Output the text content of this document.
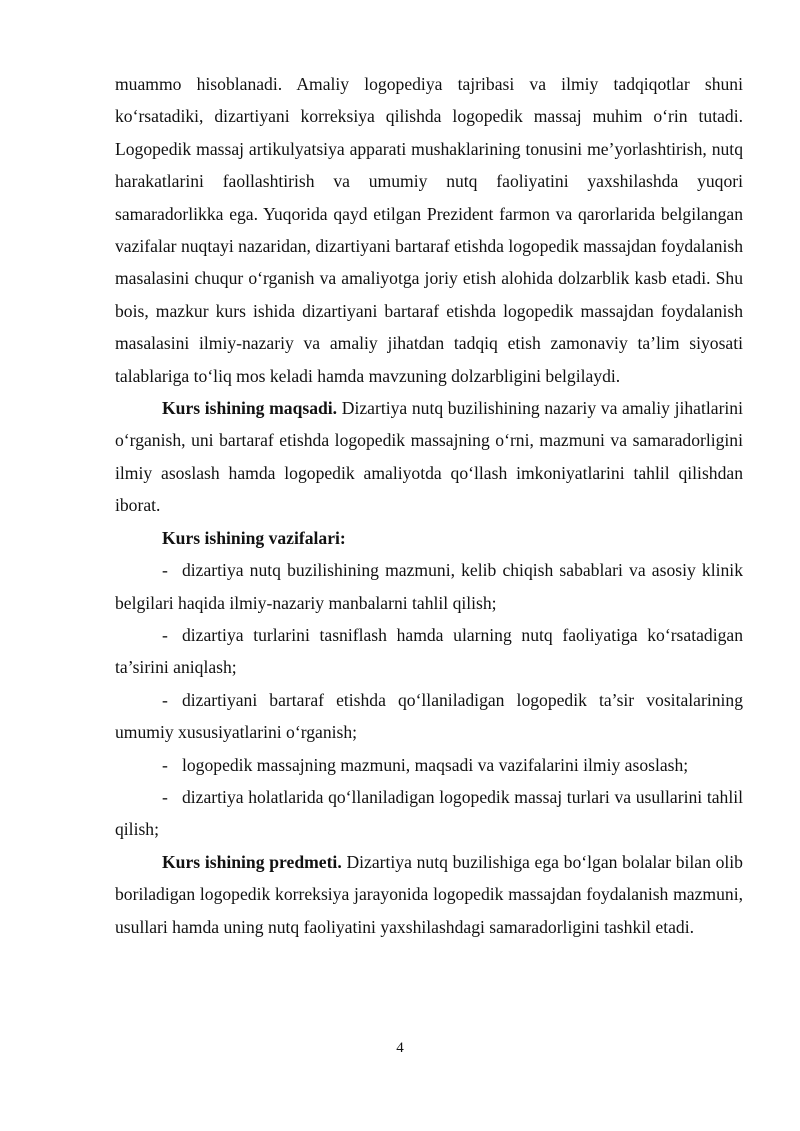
muammo hisoblanadi. Amaliy logopediya tajribasi va ilmiy tadqiqotlar shuni ko‘rsatadiki, dizartiyani korreksiya qilishda logopedik massaj muhim o‘rin tutadi. Logopedik massaj artikulyatsiya apparati mushaklarining tonusini me’yorlashtirish, nutq harakatlarini faollashtirish va umumiy nutq faoliyatini yaxshilashda yuqori samaradorlikka ega. Yuqorida qayd etilgan Prezident farmon va qarorlarida belgilangan vazifalar nuqtayi nazaridan, dizartiyani bartaraf etishda logopedik massajdan foydalanish masalasini chuqur o‘rganish va amaliyotga joriy etish alohida dolzarblik kasb etadi. Shu bois, mazkur kurs ishida dizartiyani bartaraf etishda logopedik massajdan foydalanish masalasini ilmiy-nazariy va amaliy jihatdan tadqiq etish zamonaviy ta’lim siyosati talablariga to‘liq mos keladi hamda mavzuning dolzarbligini belgilaydi.

Kurs ishining maqsadi. Dizartiya nutq buzilishining nazariy va amaliy jihatlarini o‘rganish, uni bartaraf etishda logopedik massajning o‘rni, mazmuni va samaradorligini ilmiy asoslash hamda logopedik amaliyotda qo‘llash imkoniyatlarini tahlil qilishdan iborat.

Kurs ishining vazifalari:

- dizartiya nutq buzilishining mazmuni, kelib chiqish sabablari va asosiy klinik belgilari haqida ilmiy-nazariy manbalarni tahlil qilish;

- dizartiya turlarini tasniflash hamda ularning nutq faoliyatiga ko‘rsatadigan ta’sirini aniqlash;

- dizartiyani bartaraf etishda qo‘llaniladigan logopedik ta’sir vositalarining umumiy xususiyatlarini o‘rganish;

- logopedik massajning mazmuni, maqsadi va vazifalarini ilmiy asoslash;

- dizartiya holatlarida qo‘llaniladigan logopedik massaj turlari va usullarini tahlil qilish;

Kurs ishining predmeti. Dizartiya nutq buzilishiga ega bo‘lgan bolalar bilan olib boriladigan logopedik korreksiya jarayonida logopedik massajdan foydalanish mazmuni, usullari hamda uning nutq faoliyatini yaxshilashdagi samaradorligini tashkil etadi.

4
